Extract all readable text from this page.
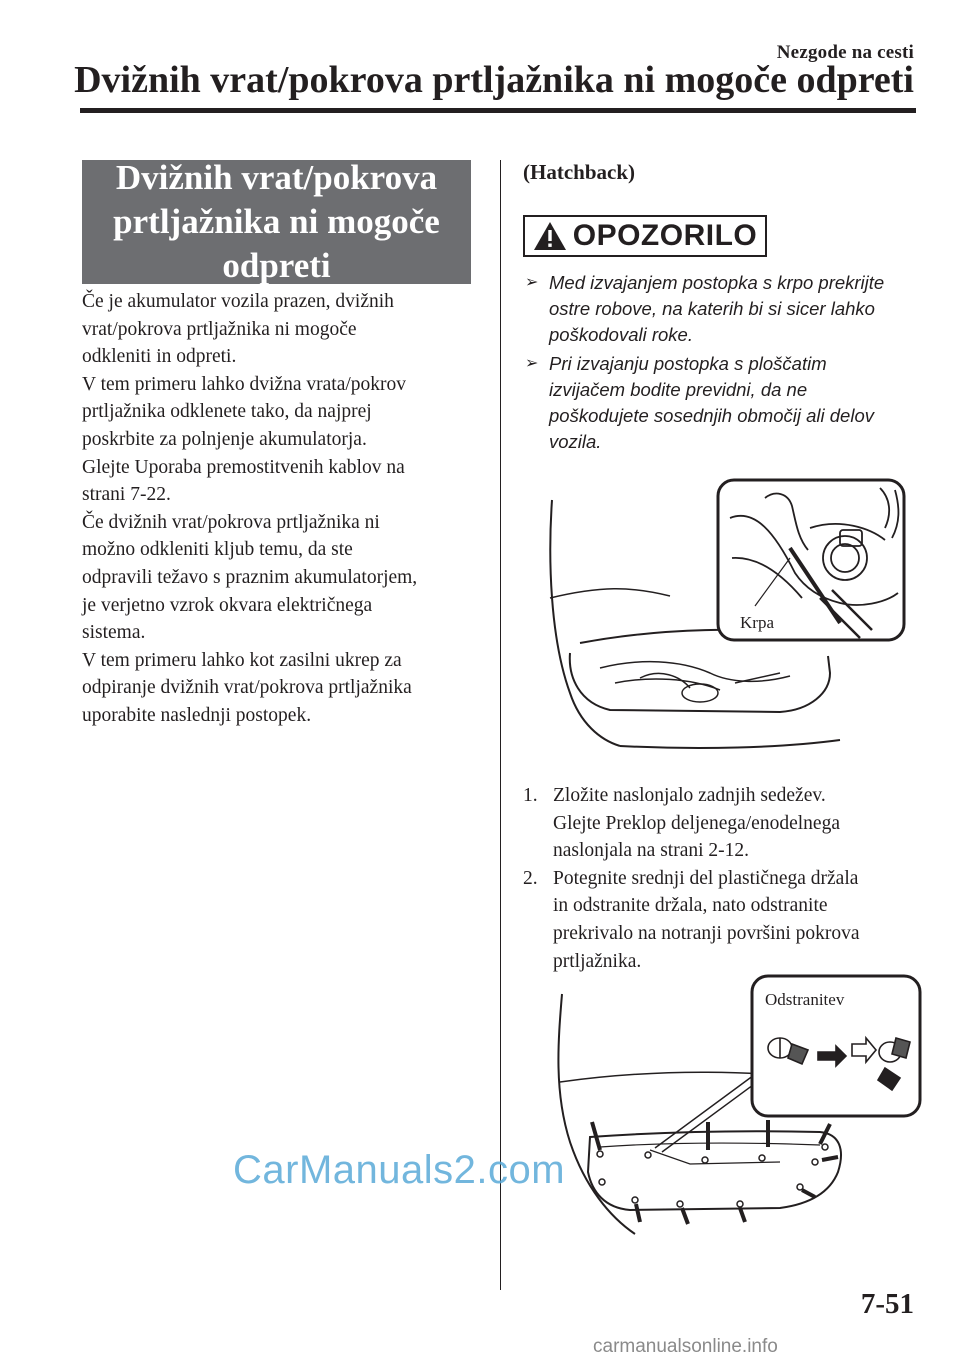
Nezgode na cesti
Dvižnih vrat/pokrova prtljažnika ni mogoče odpreti
Dvižnih vrat/pokrova
prtljažnika ni mogoče
odpreti

Če je akumulator vozila prazen, dvižnih

vrat/pokrova prtljažnika ni mogoče

odkleniti in odpreti.

V tem primeru lahko dvižna vrata/pokrov

prtljažnika odklenete tako, da najprej

poskrbite za polnjenje akumulatorja.

Glejte Uporaba premostitvenih kablov na

strani 7-22.

Če dvižnih vrat/pokrova prtljažnika ni

možno odkleniti kljub temu, da ste

odpravili težavo s praznim akumulatorjem,

je verjetno vzrok okvara električnega

sistema.

V tem primeru lahko kot zasilni ukrep za

odpiranje dvižnih vrat/pokrova prtljažnika

uporabite naslednji postopek.

(Hatchback)
OPOZORILO
➢ Med izvajanjem postopka s krpo prekrijte
ostre robove, na katerih bi si sicer lahko
poškodovali roke.
➢ Pri izvajanju postopka s ploščatim
izvijačem bodite previdni, da ne
poškodujete sosednjih območij ali delov
vozila.
Krpa
1. Zložite naslonjalo zadnjih sedežev.
Glejte Preklop deljenega/enodelnega
naslonjala na strani 2-12.
2. Potegnite srednji del plastičnega držala
in odstranite držala, nato odstranite
prekrivalo na notranji površini pokrova
prtljažnika.
Odstranitev
CarManuals2.com
7-51
carmanualsonline.info
